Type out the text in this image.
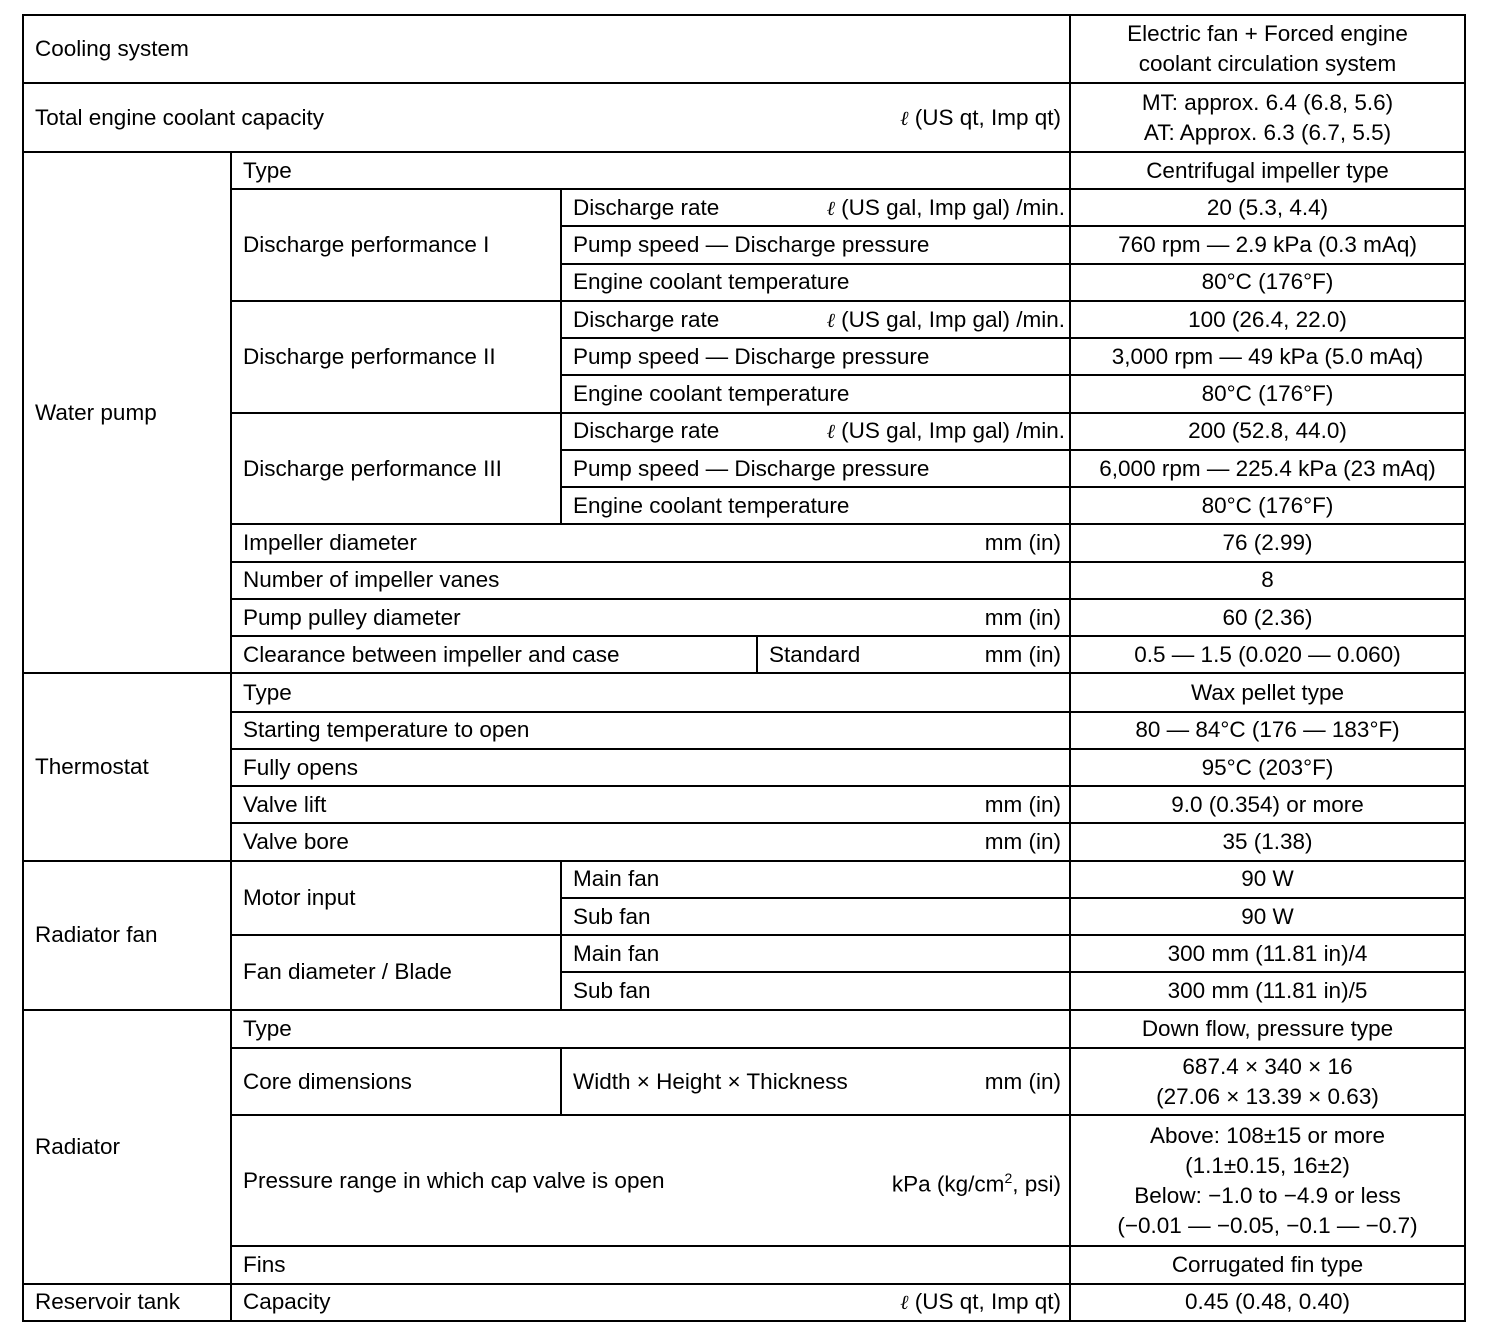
Cooling system				Electric fan + Forced engine
coolant circulation system

Total engine coolant capacity ℓ (US qt, Imp qt)				MT: approx. 6.4 (6.8, 5.6)
AT: Approx. 6.3 (6.7, 5.5)

Water pump	Type			Centrifugal impeller type
	Discharge performance I	Discharge rate ℓ (US gal, Imp gal) /min.		20 (5.3, 4.4)
		Pump speed — Discharge pressure		760 rpm — 2.9 kPa (0.3 mAq)
		Engine coolant temperature		80°C (176°F)
	Discharge performance II	Discharge rate ℓ (US gal, Imp gal) /min.		100 (26.4, 22.0)
		Pump speed — Discharge pressure		3,000 rpm — 49 kPa (5.0 mAq)
		Engine coolant temperature		80°C (176°F)
	Discharge performance III	Discharge rate ℓ (US gal, Imp gal) /min.		200 (52.8, 44.0)
		Pump speed — Discharge pressure		6,000 rpm — 225.4 kPa (23 mAq)
		Engine coolant temperature		80°C (176°F)

	Impeller diameter mm (in)			76 (2.99)
	Number of impeller vanes			8

	Pump pulley diameter mm (in)			60 (2.36)
	Clearance between impeller and case		Standard mm (in)	0.5 — 1.5 (0.020 — 0.060)
Thermostat	Type			Wax pellet type
	Starting temperature to open			80 — 84°C (176 — 183°F)
	Fully opens			95°C (203°F)

	Valve lift mm (in)			9.0 (0.354) or more

	Valve bore mm (in)			35 (1.38)
Radiator fan	Motor input	Main fan		90 W
		Sub fan		90 W
	Fan diameter / Blade	Main fan		300 mm (11.81 in)/4
		Sub fan		300 mm (11.81 in)/5
Radiator	Type			Down flow, pressure type
	Core dimensions	Width × Height × Thickness mm (in)		687.4 × 340 × 16
(27.06 × 13.39 × 0.63)

	Pressure range in which cap valve is open kPa ($kg/cm^2$, psi)			Above: 108±15 or more
(1.1±0.15, 16±2)
Below: −1.0 to −4.9 or less
(−0.01 — −0.05, −0.1 — −0.7)

	Fins			Corrugated fin type
Reservoir tank	Capacity ℓ (US qt, Imp qt)			0.45 (0.48, 0.40)
